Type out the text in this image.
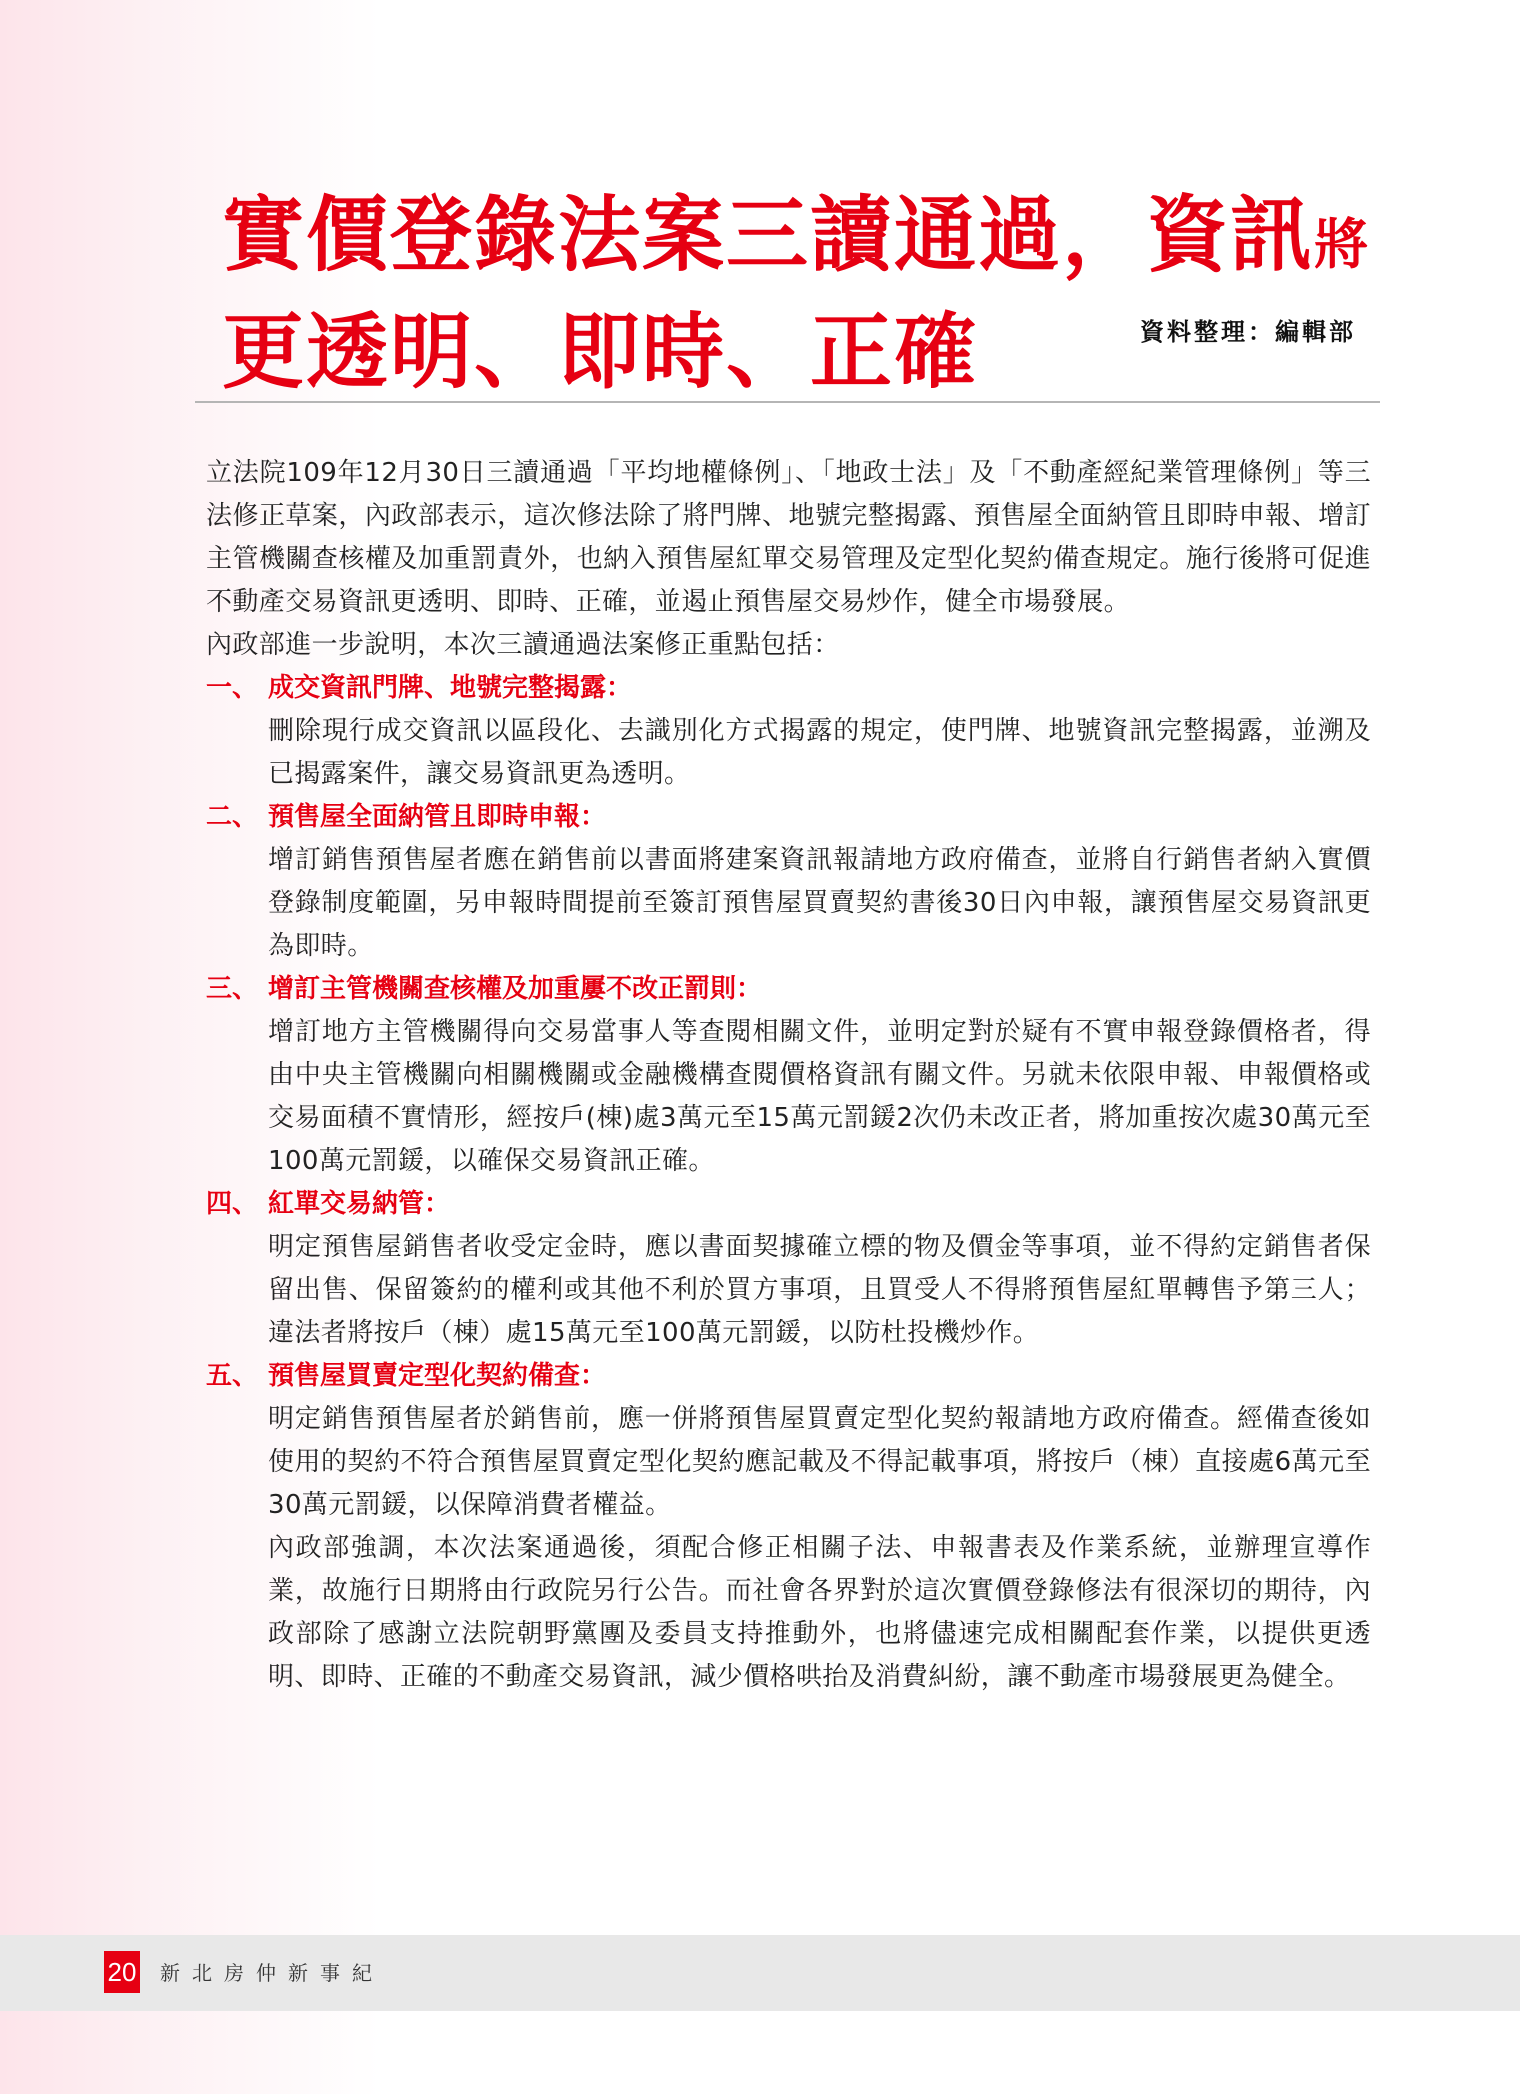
實價登錄法案三讀通過，資訊將
更透明、即時、正確	資料整理：編輯部

立法院109年12月30日三讀通過「平均地權條例」、「地政士法」及「不動產經紀業管理條例」等三法修正草案，內政部表示，這次修法除了將門牌、地號完整揭露、預售屋全面納管且即時申報、增訂主管機關查核權及加重罰責外，也納入預售屋紅單交易管理及定型化契約備查規定。施行後將可促進不動產交易資訊更透明、即時、正確，並遏止預售屋交易炒作，健全市場發展。

內政部進一步說明，本次三讀通過法案修正重點包括：

一、 成交資訊門牌、地號完整揭露：

刪除現行成交資訊以區段化、去識別化方式揭露的規定，使門牌、地號資訊完整揭露，並溯及已揭露案件，讓交易資訊更為透明。

二、 預售屋全面納管且即時申報：

增訂銷售預售屋者應在銷售前以書面將建案資訊報請地方政府備查，並將自行銷售者納入實價登錄制度範圍，另申報時間提前至簽訂預售屋買賣契約書後30日內申報，讓預售屋交易資訊更為即時。

三、 增訂主管機關查核權及加重屢不改正罰則：

增訂地方主管機關得向交易當事人等查閱相關文件，並明定對於疑有不實申報登錄價格者，得由中央主管機關向相關機關或金融機構查閱價格資訊有關文件。另就未依限申報、申報價格或交易面積不實情形，經按戶(棟)處3萬元至15萬元罰鍰2次仍未改正者，將加重按次處30萬元至100萬元罰鍰，以確保交易資訊正確。

四、 紅單交易納管：

明定預售屋銷售者收受定金時，應以書面契據確立標的物及價金等事項，並不得約定銷售者保留出售、保留簽約的權利或其他不利於買方事項，且買受人不得將預售屋紅單轉售予第三人；違法者將按戶（棟）處15萬元至100萬元罰鍰，以防杜投機炒作。

五、 預售屋買賣定型化契約備查：

明定銷售預售屋者於銷售前，應一併將預售屋買賣定型化契約報請地方政府備查。經備查後如使用的契約不符合預售屋買賣定型化契約應記載及不得記載事項，將按戶（棟）直接處6萬元至30萬元罰鍰，以保障消費者權益。

內政部強調，本次法案通過後，須配合修正相關子法、申報書表及作業系統，並辦理宣導作業，故施行日期將由行政院另行公告。而社會各界對於這次實價登錄修法有很深切的期待，內政部除了感謝立法院朝野黨團及委員支持推動外，也將儘速完成相關配套作業，以提供更透明、即時、正確的不動產交易資訊，減少價格哄抬及消費糾紛，讓不動產市場發展更為健全。

20 新北房仲新事紀
